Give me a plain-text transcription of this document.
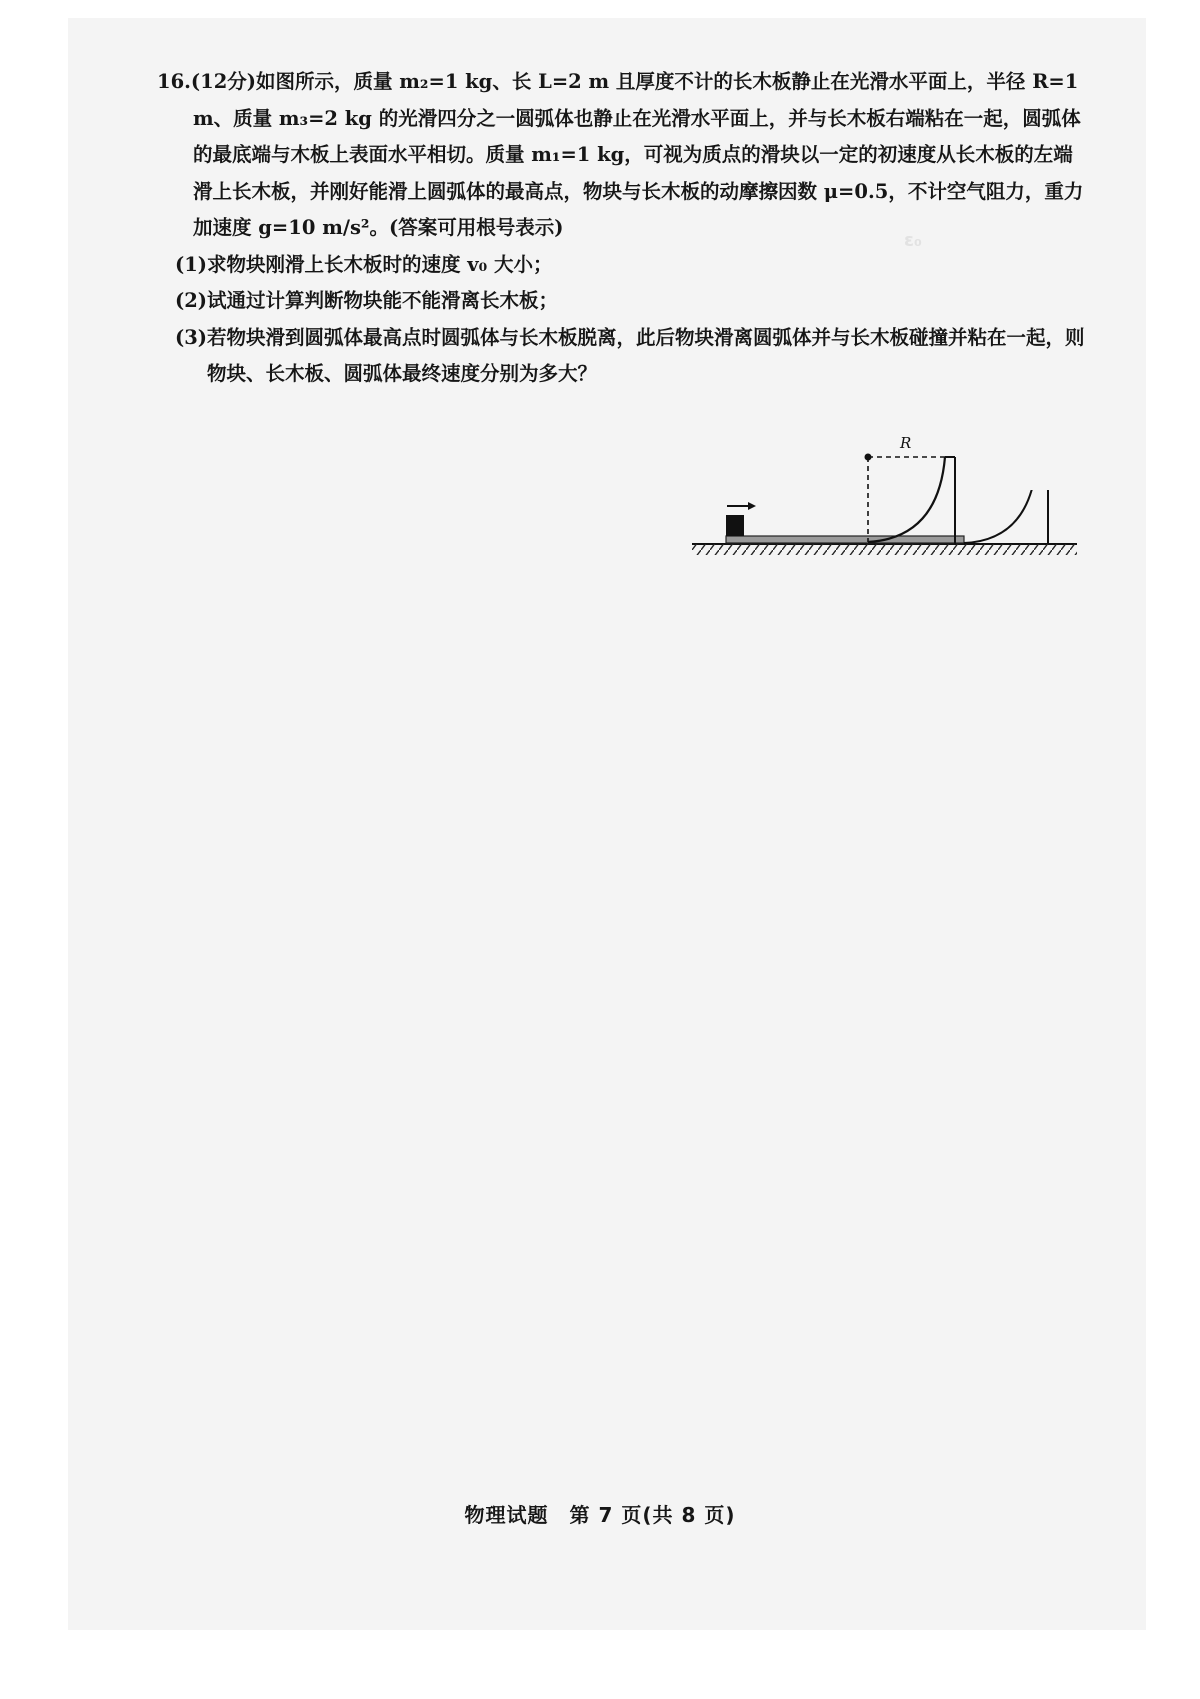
ε₀

16.(12分)如图所示，质量 m₂=1 kg、长 L=2 m 且厚度不计的长木板静止在光滑水平面上，半径 R=1 m、质量 m₃=2 kg 的光滑四分之一圆弧体也静止在光滑水平面上，并与长木板右端粘在一起，圆弧体的最底端与木板上表面水平相切。质量 m₁=1 kg，可视为质点的滑块以一定的初速度从长木板的左端滑上长木板，并刚好能滑上圆弧体的最高点，物块与长木板的动摩擦因数 μ=0.5，不计空气阻力，重力加速度 g=10 m/s²。(答案可用根号表示)

(1)求物块刚滑上长木板时的速度 v₀ 大小；

(2)试通过计算判断物块能不能滑离长木板；

(3)若物块滑到圆弧体最高点时圆弧体与长木板脱离，此后物块滑离圆弧体并与长木板碰撞并粘在一起，则物块、长木板、圆弧体最终速度分别为多大？

R
物理试题　第 7 页(共 8 页)
